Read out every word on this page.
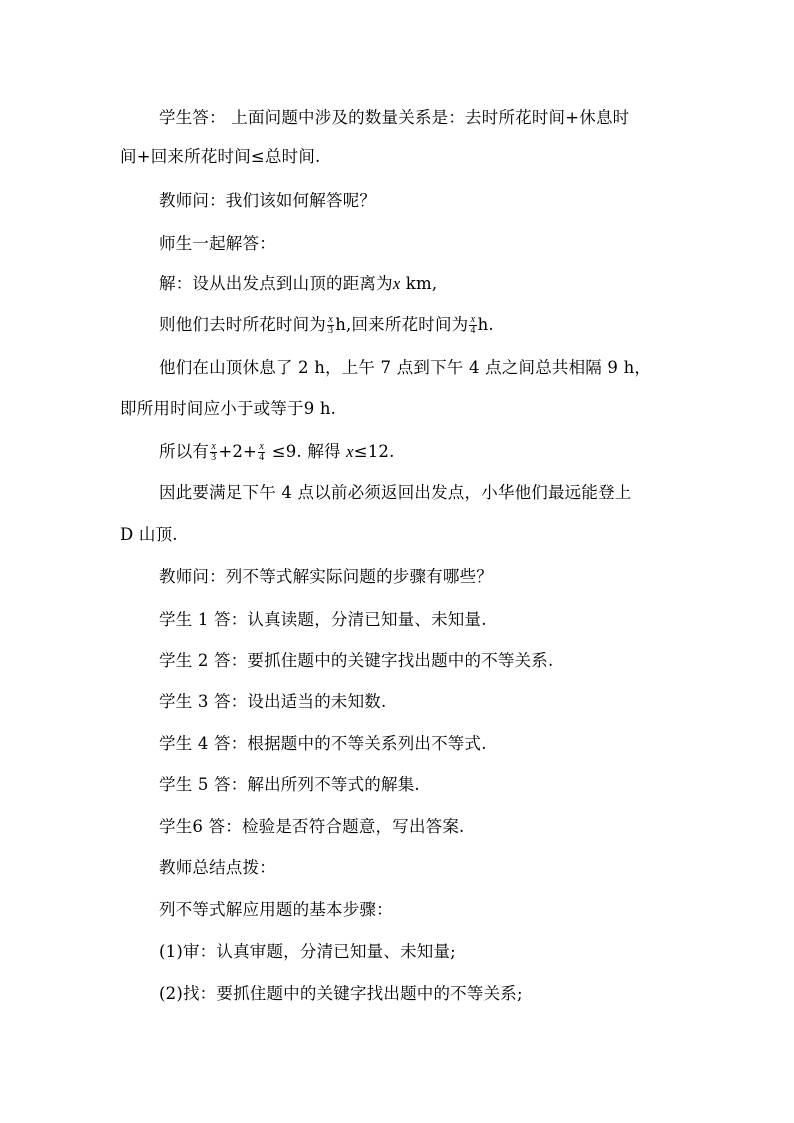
学生答： 上面问题中涉及的数量关系是：去时所花时间+休息时
间+回来所花时间≤总时间.
教师问：我们该如何解答呢？
师生一起解答：
解：设从出发点到山顶的距离为x km,
则他们去时所花时间为 $\frac{x}{3} h$,回来所花时间为 $\frac{x}{4} h$.
他们在山顶休息了 2 h，上午 7 点到下午 4 点之间总共相隔 9 h，
即所用时间应小于或等于9 h.
所以有 $\frac{x}{3} +2+ \frac{x}{4} \le 9$. 解得 x≤12.
因此要满足下午 4 点以前必须返回出发点，小华他们最远能登上
D 山顶.
教师问：列不等式解实际问题的步骤有哪些？
学生 1 答：认真读题，分清已知量、未知量.
学生 2 答：要抓住题中的关键字找出题中的不等关系.
学生 3 答：设出适当的未知数.
学生 4 答：根据题中的不等关系列出不等式.
学生 5 答：解出所列不等式的解集.
学生6 答：检验是否符合题意，写出答案.
教师总结点拨：
列不等式解应用题的基本步骤：
(1)审：认真审题，分清已知量、未知量;
(2)找：要抓住题中的关键字找出题中的不等关系;
